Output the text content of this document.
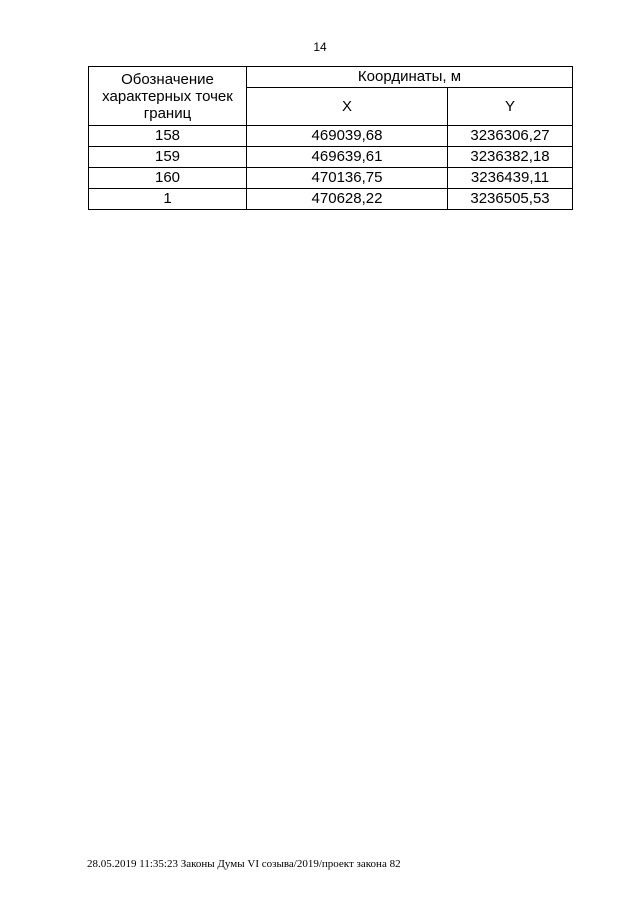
14
Обозначение характерных точек границ	Координаты, м	
	X	Y
158	469039,68	3236306,27
159	469639,61	3236382,18
160	470136,75	3236439,11
1	470628,22	3236505,53
28.05.2019 11:35:23 Законы Думы VI созыва/2019/проект закона 82
